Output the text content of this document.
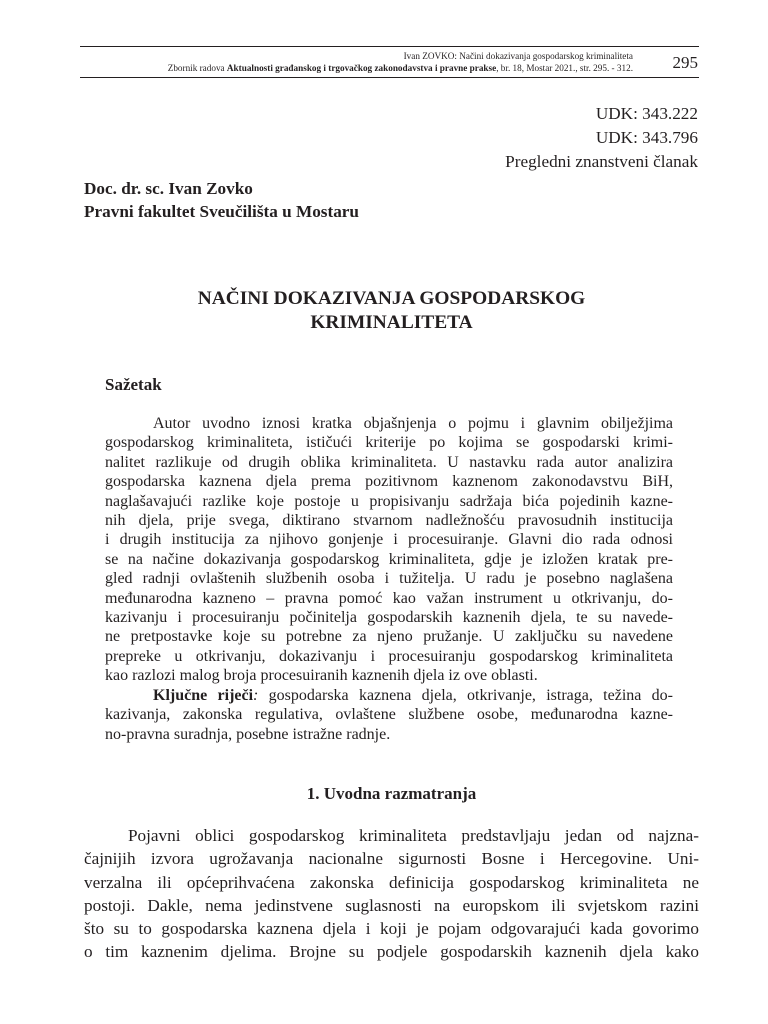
Ivan ZOVKO: Načini dokazivanja gospodarskog kriminaliteta
Zbornik radova Aktualnosti građanskog i trgovačkog zakonodavstva i pravne prakse, br. 18, Mostar 2021., str. 295. - 312. 295
UDK: 343.222
UDK: 343.796
Pregledni znanstveni članak
Doc. dr. sc. Ivan Zovko
Pravni fakultet Sveučilišta u Mostaru
NAČINI DOKAZIVANJA GOSPODARSKOG
KRIMINALITETA
Sažetak
Autor uvodno iznosi kratka objašnjenja o pojmu i glavnim obilježjima
gospodarskog kriminaliteta, ističući kriterije po kojima se gospodarski krimi-
nalitet razlikuje od drugih oblika kriminaliteta. U nastavku rada autor analizira
gospodarska kaznena djela prema pozitivnom kaznenom zakonodavstvu BiH,
naglašavajući razlike koje postoje u propisivanju sadržaja bića pojedinih kazne-
nih djela, prije svega, diktirano stvarnom nadležnošću pravosudnih institucija
i drugih institucija za njihovo gonjenje i procesuiranje. Glavni dio rada odnosi
se na načine dokazivanja gospodarskog kriminaliteta, gdje je izložen kratak pre-
gled radnji ovlaštenih službenih osoba i tužitelja. U radu je posebno naglašena
međunarodna kazneno – pravna pomoć kao važan instrument u otkrivanju, do-
kazivanju i procesuiranju počinitelja gospodarskih kaznenih djela, te su navede-
ne pretpostavke koje su potrebne za njeno pružanje. U zaključku su navedene
prepreke u otkrivanju, dokazivanju i procesuiranju gospodarskog kriminaliteta
kao razlozi malog broja procesuiranih kaznenih djela iz ove oblasti.
Ključne riječi: gospodarska kaznena djela, otkrivanje, istraga, težina do-
kazivanja, zakonska regulativa, ovlaštene službene osobe, međunarodna kazne-
no-pravna suradnja, posebne istražne radnje.
1. Uvodna razmatranja
Pojavni oblici gospodarskog kriminaliteta predstavljaju jedan od najzna-
čajnijih izvora ugrožavanja nacionalne sigurnosti Bosne i Hercegovine. Uni-
verzalna ili općeprihvaćena zakonska definicija gospodarskog kriminaliteta ne
postoji. Dakle, nema jedinstvene suglasnosti na europskom ili svjetskom razini
što su to gospodarska kaznena djela i koji je pojam odgovarajući kada govorimo
o tim kaznenim djelima. Brojne su podjele gospodarskih kaznenih djela kako
